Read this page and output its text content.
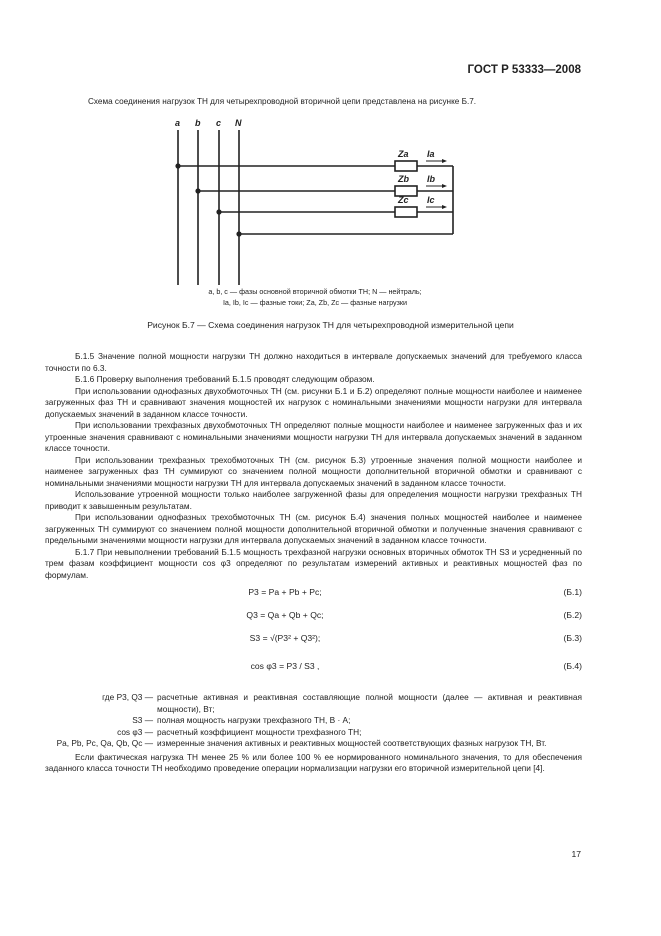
ГОСТ Р 53333—2008
Схема соединения нагрузок ТН для четырехпроводной вторичной цепи представлена на рисунке Б.7.
a b c N
Za
Zb
Zc
Ia
Ib
Ic
a, b, c — фазы основной вторичной обмотки ТН; N — нейтраль;
Ia, Ib, Ic — фазные токи; Za, Zb, Zc — фазные нагрузки
Рисунок Б.7 — Схема соединения нагрузок ТН для четырехпроводной измерительной цепи

Б.1.5 Значение полной мощности нагрузки ТН должно находиться в интервале допускаемых значений для требуемого класса точности по 6.3.

Б.1.6 Проверку выполнения требований Б.1.5 проводят следующим образом.

При использовании однофазных двухобмоточных ТН (см. рисунки Б.1 и Б.2) определяют полные мощности наиболее и наименее загруженных фаз ТН и сравнивают значения мощностей их нагрузок с номинальными значениями мощности нагрузки для интервала допускаемых значений в заданном классе точности.

При использовании трехфазных двухобмоточных ТН определяют полные мощности наиболее и наименее загруженных фаз и их утроенные значения сравнивают с номинальными значениями мощности нагрузки ТН для интервала допускаемых значений в заданном классе точности.

При использовании трехфазных трехобмоточных ТН (см. рисунок Б.3) утроенные значения полной мощности наиболее и наименее загруженных фаз ТН суммируют со значением полной мощности дополнительной вторичной обмотки и сравнивают с номинальными значениями мощности нагрузки ТН для интервала допускаемых значений в заданном классе точности.

Использование утроенной мощности только наиболее загруженной фазы для определения мощности нагрузки трехфазных ТН приводит к завышенным результатам.

При использовании однофазных трехобмоточных ТН (см. рисунок Б.4) значения полных мощностей наиболее и наименее загруженных ТН суммируют со значением полной мощности дополнительной вторичной обмотки и полученные значения сравнивают с предельными значениями мощности нагрузки для интервала допускаемых значений в заданном классе точности.

Б.1.7 При невыполнении требований Б.1.5 мощность трехфазной нагрузки основных вторичных обмоток ТН S3 и усредненный по трем фазам коэффициент мощности cos φ3 определяют по результатам измерений активных и реактивных мощностей фаз по формулам.

P3 = Pa + Pb + Pc;	(Б.1)
Q3 = Qa + Qb + Qc;	(Б.2)
S3 = √(P3² + Q3²);	(Б.3)
cos φ3 = P3 / S3 ,	(Б.4)
где P3, Q3 — расчетные активная и реактивная составляющие полной мощности (далее — активная и реактивная мощности), Вт;
S3 — полная мощность нагрузки трехфазного ТН, В · А;
cos φ3 — расчетный коэффициент мощности трехфазного ТН;
Pa, Pb, Pc, Qa, Qb, Qc — измеренные значения активных и реактивных мощностей соответствующих фазных нагрузок ТН, Вт.

Если фактическая нагрузка ТН менее 25 % или более 100 % ее нормированного номинального значения, то для обеспечения заданного класса точности ТН необходимо проведение операции нормализации нагрузки его вторичной измерительной цепи [4].

17
